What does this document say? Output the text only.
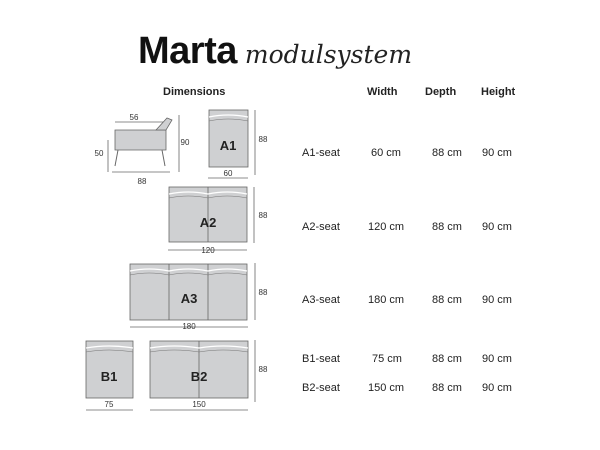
Marta modulsystem
Dimensions	Width	Depth Height
A1-seat	60 cm	88 cm 90 cm
A2-seat	120 cm	88 cm 90 cm
A3-seat	180 cm	88 cm 90 cm
B1-seat	75 cm	88 cm 90 cm
B2-seat	150 cm	88 cm 90 cm
A1
A2
A3
B1	B2
56
50
90
88
60
88
120
88
180
88
75	150
88
